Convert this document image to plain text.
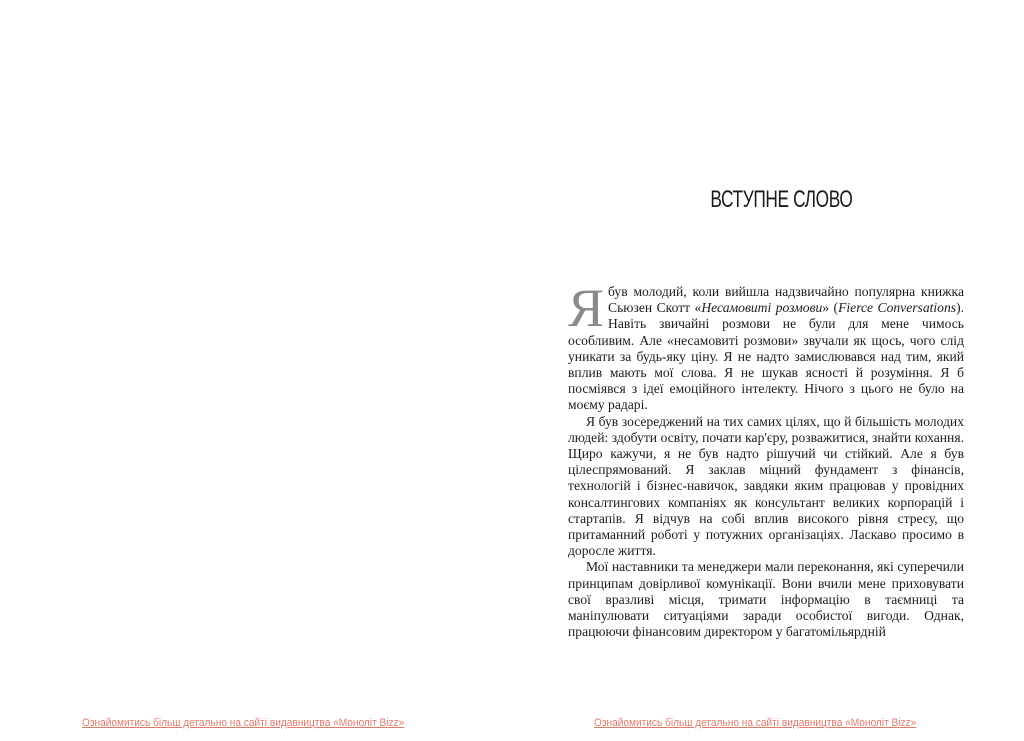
Ознайомитись більш детально на сайті видавництва «Моноліт Bizz»
ВСТУПНЕ СЛОВО

Ябув молодий, коли вийшла надзвичайно популярна книжка Сьюзен Скотт «Несамовиті розмови» (Fierce Conversations). Навіть звичайні розмови не були для мене чимось особливим. Але «несамовиті розмови» звучали як щось, чого слід уникати за будь-яку ціну. Я не надто замислювався над тим, який вплив мають мої слова. Я не шукав ясності й розуміння. Я б посміявся з ідеї емоційного інтелекту. Нічого з цього не було на моєму радарі.

Я був зосереджений на тих самих цілях, що й більшість молодих людей: здобути освіту, почати кар'єру, розважитися, знайти кохання. Щиро кажучи, я не був надто рішучий чи стійкий. Але я був цілеспрямований. Я заклав міцний фундамент з фінансів, технологій і бізнес-навичок, завдяки яким працював у провідних консалтингових компаніях як консультант великих корпорацій і стартапів. Я відчув на собі вплив високого рівня стресу, що притаманний роботі у потужних організаціях. Ласкаво просимо в доросле життя.

Мої наставники та менеджери мали переконання, які суперечили принципам довірливої комунікації. Вони вчили мене приховувати свої вразливі місця, тримати інформацію в таємниці та маніпулювати ситуаціями заради особистої вигоди. Однак, працюючи фінансовим директором у багатомільярдній

Ознайомитись більш детально на сайті видавництва «Моноліт Bizz»
